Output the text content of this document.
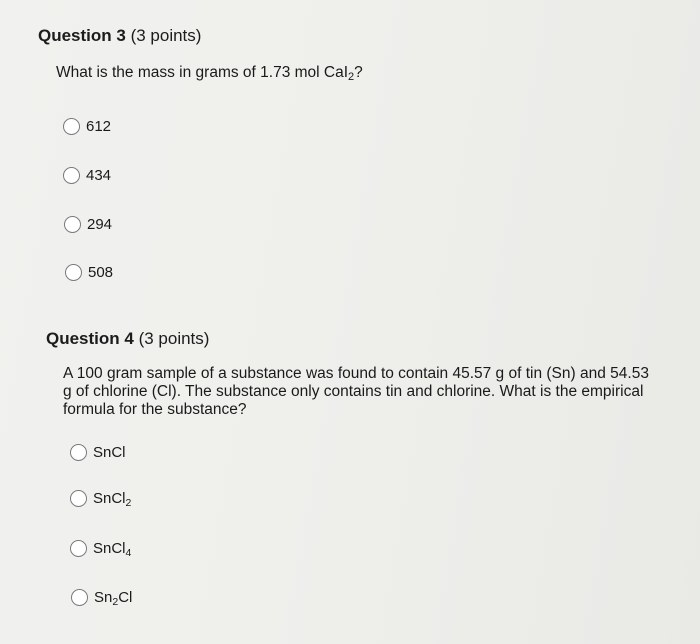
Question 3 (3 points)
What is the mass in grams of 1.73 mol CaI$_2$?
612
434
294
508
Question 4 (3 points)
A 100 gram sample of a substance was found to contain 45.57 g of tin (Sn) and 54.53
g of chlorine (Cl). The substance only contains tin and chlorine. What is the empirical
formula for the substance?
SnCl
SnCl$_2$
SnCl$_4$
$Sn_2Cl$
